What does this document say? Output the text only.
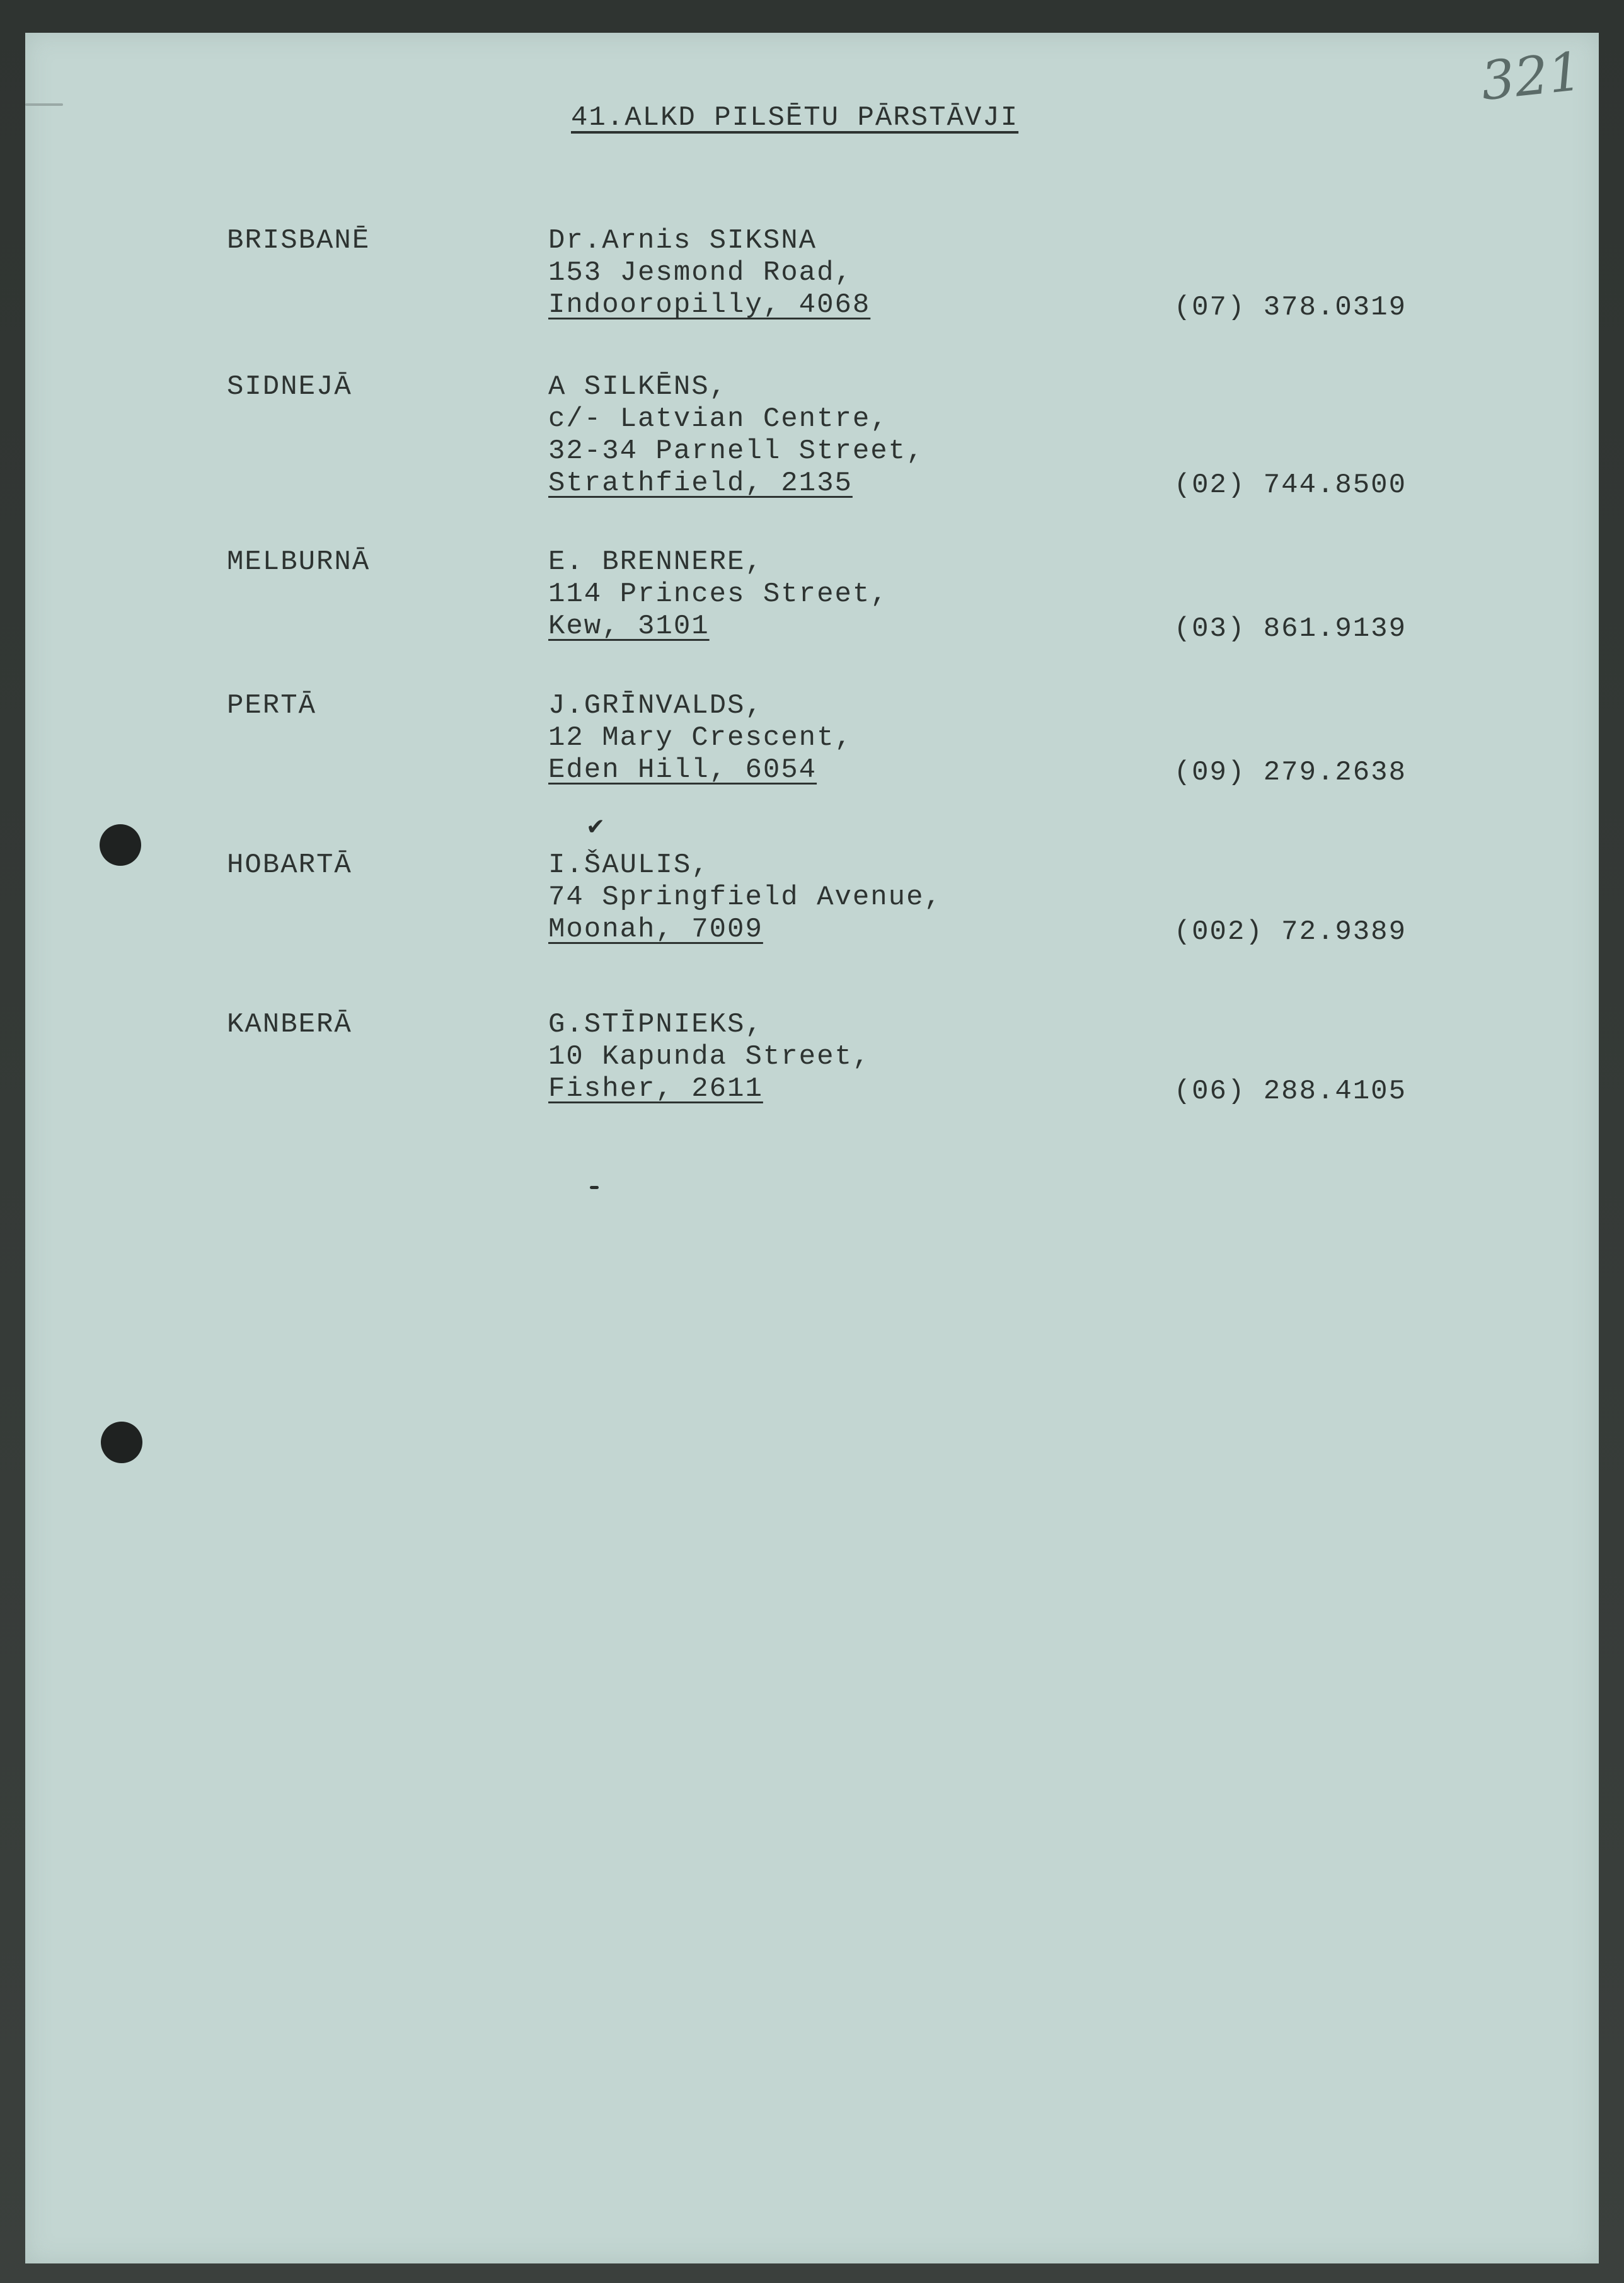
321
41.ALKD PILSĒTU PĀRSTĀVJI
BRISBANĒ	Dr.Arnis SIKSNA
153 Jesmond Road,
Indooropilly, 4068	(07) 378.0319
SIDNEJĀ	A SILKĒNS,
c/- Latvian Centre,
32-34 Parnell Street,
Strathfield, 2135	(02) 744.8500
MELBURNĀ	E. BRENNERE,
114 Princes Street,
Kew, 3101	(03) 861.9139
PERTĀ	J.GRĪNVALDS,
12 Mary Crescent,
Eden Hill, 6054	(09) 279.2638
HOBARTĀ	I.ŠAULIS,
74 Springfield Avenue,
Moonah, 7009	(002) 72.9389
KANBERĀ	G.STĪPNIEKS,
10 Kapunda Street,
Fisher, 2611	(06) 288.4105
✔
